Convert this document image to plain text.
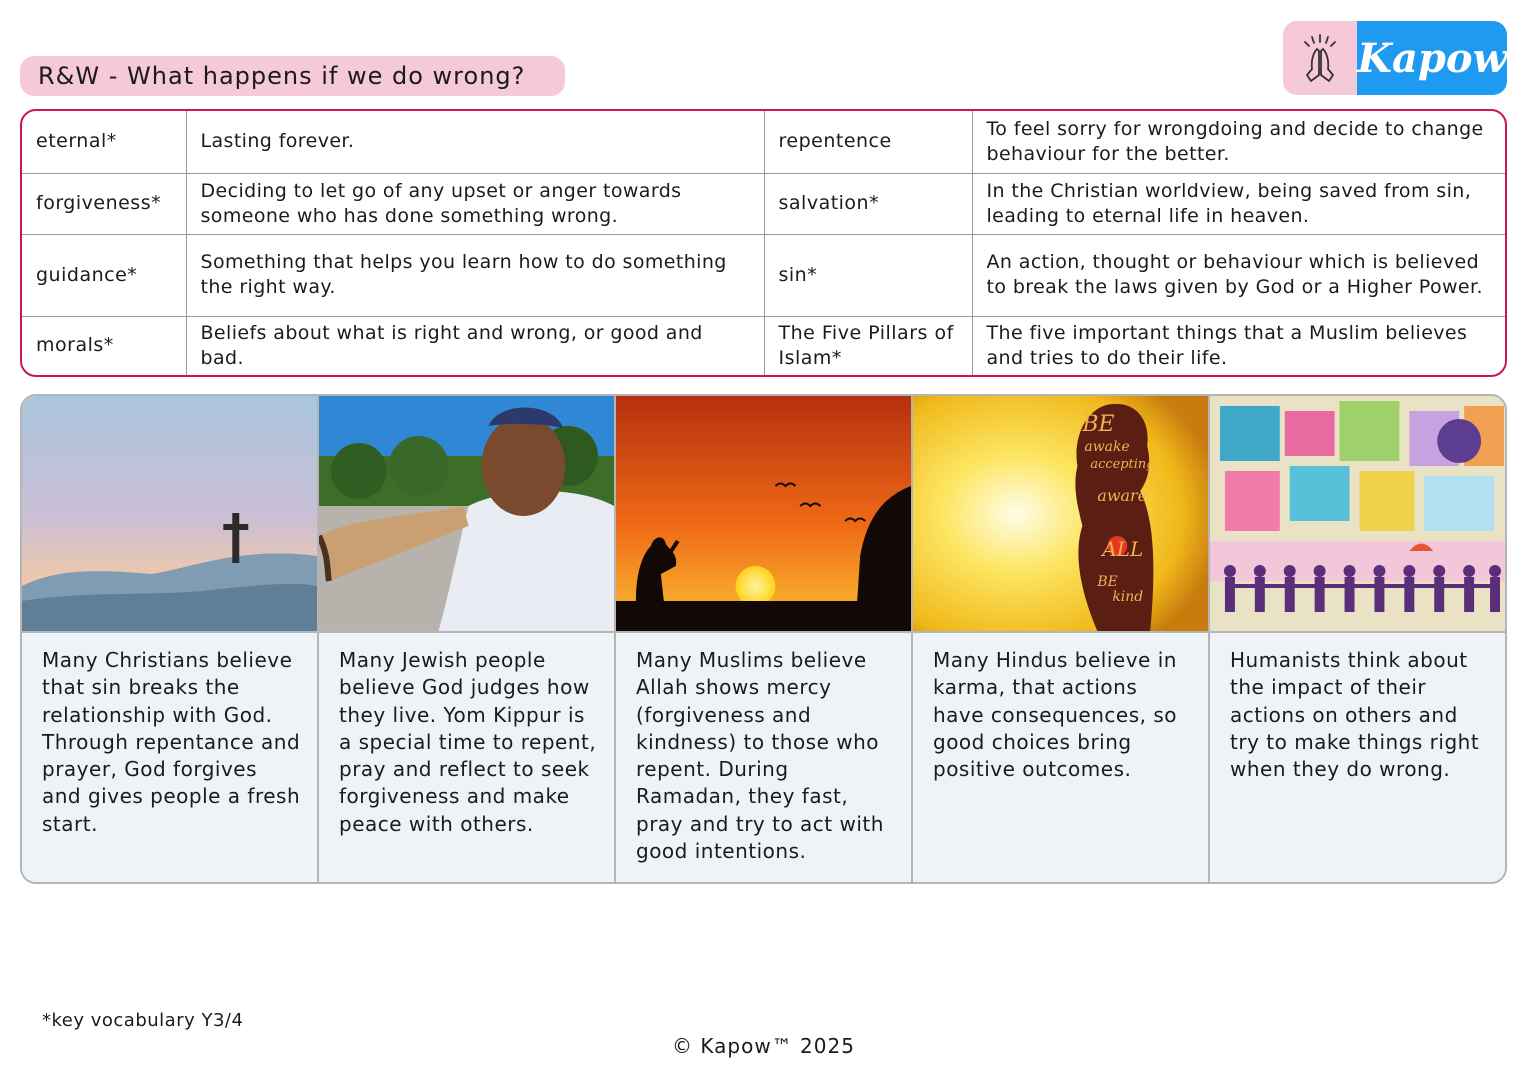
R&W - What happens if we do wrong?	Kapow
eternal*	Lasting forever.	repentence	To feel sorry for wrongdoing and decide to change behaviour for the better.
forgiveness*	Deciding to let go of any upset or anger towards someone who has done something wrong.	salvation*	In the Christian worldview, being saved from sin, leading to eternal life in heaven.
guidance*	Something that helps you learn how to do something the right way.	sin*	An action, thought or behaviour which is believed to break the laws given by God or a Higher Power.
morals*	Beliefs about what is right and wrong, or good and bad.	The Five Pillars of Islam*	The five important things that a Muslim believes and tries to do their life.
Many Christians believe that sin breaks the relationship with God. Through repentance and prayer, God forgives and gives people a fresh start.
Many Jewish people believe God judges how they live. Yom Kippur is a special time to repent, pray and reflect to seek forgiveness and make peace with others.
Many Muslims believe Allah shows mercy (forgiveness and kindness) to those who repent. During Ramadan, they fast, pray and try to act with good intentions.
BE
awake
accepting
aware
ALL
BE
kind
Many Hindus believe in karma, that actions have consequences, so good choices bring positive outcomes.
Humanists think about the impact of their actions on others and try to make things right when they do wrong.
*key vocabulary Y3/4
© Kapow™ 2025
